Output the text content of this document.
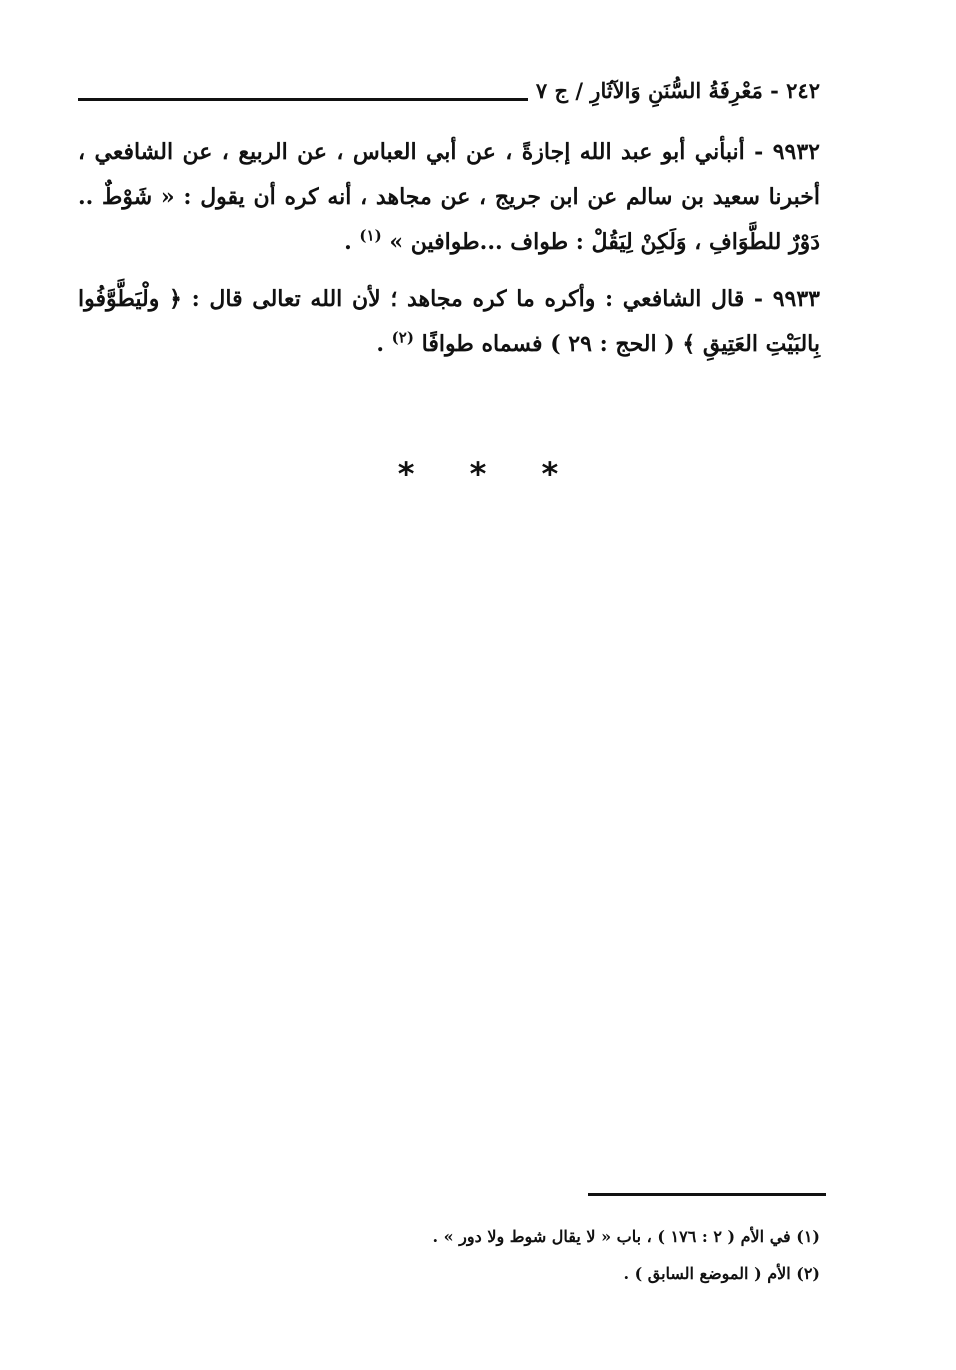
٢٤٢ - مَعْرِفَةُ السُّنَنِ وَالآثَارِ / ج ٧

٩٩٣٢ - أنبأني أبو عبد الله إجازةً ، عن أبي العباس ، عن الربيع ، عن الشافعي ، أخبرنا سعيد بن سالم عن ابن جريج ، عن مجاهد ، أنه كره أن يقول : « شَوْطٌ .. دَوْرٌ للطَّوَافِ ، وَلَكِنْ لِيَقُلْ : طواف ...طوافين » $^{(١)}$ .

٩٩٣٣ - قال الشافعي : وأكره ما كره مجاهد ؛ لأن الله تعالى قال : ﴿ ولْيَطَّوَّفُوا بِالبَيْتِ العَتِيقِ ﴾ ( الحج : ٢٩ ) فسماه طوافًا $^{(٢)}$ .

* * *

(١) في الأم ( ٢ : ١٧٦ ) ، باب « لا يقال شوط ولا دور » .

(٢) الأم ( الموضع السابق ) .
